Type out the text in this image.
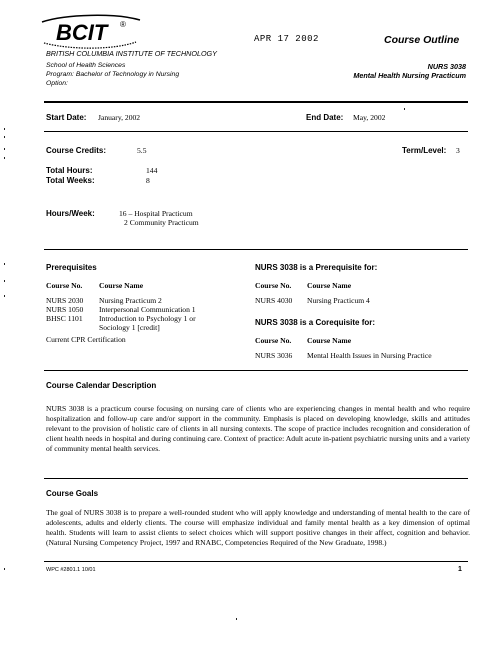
BCIT ®
APR 17 2002	Course Outline
BRITISH COLUMBIA INSTITUTE OF TECHNOLOGY
School of Health Sciences
Program: Bachelor of Technology in Nursing
Option:
NURS 3038
Mental Health Nursing Practicum
Start Date: January, 2002	End Date: May, 2002
Course Credits:	5.5	Term/Level: 3
Total Hours:	144
Total Weeks:	8
Hours/Week:	16 – Hospital Practicum
2 Community Practicum
Prerequisites
Course No. Course Name
NURS 2030 Nursing Practicum 2
NURS 1050 Interpersonal Communication 1
BHSC 1101 Introduction to Psychology 1 or
Sociology 1 [credit]
Current CPR Certification
NURS 3038 is a Prerequisite for:
Course No. Course Name
NURS 4030 Nursing Practicum 4
NURS 3038 is a Corequisite for:
Course No. Course Name
NURS 3036 Mental Health Issues in Nursing Practice
Course Calendar Description
NURS 3038 is a practicum course focusing on nursing care of clients who are experiencing changes in mental health and who require hospitalization and follow-up care and/or support in the community. Emphasis is placed on developing knowledge, skills and attitudes relevant to the provision of holistic care of clients in all nursing contexts. The scope of practice includes recognition and consideration of client health needs in hospital and during continuing care. Context of practice: Adult acute in-patient psychiatric nursing units and a variety of community mental health services.
Course Goals
The goal of NURS 3038 is to prepare a well-rounded student who will apply knowledge and understanding of mental health to the care of adolescents, adults and elderly clients. The course will emphasize individual and family mental health as a key dimension of optimal health. Students will learn to assist clients to select choices which will support positive changes in their affect, cognition and behavior. (Natural Nursing Competency Project, 1997 and RNABC, Competencies Required of the New Graduate, 1998.)
WPC #2801.1 10/01	1
